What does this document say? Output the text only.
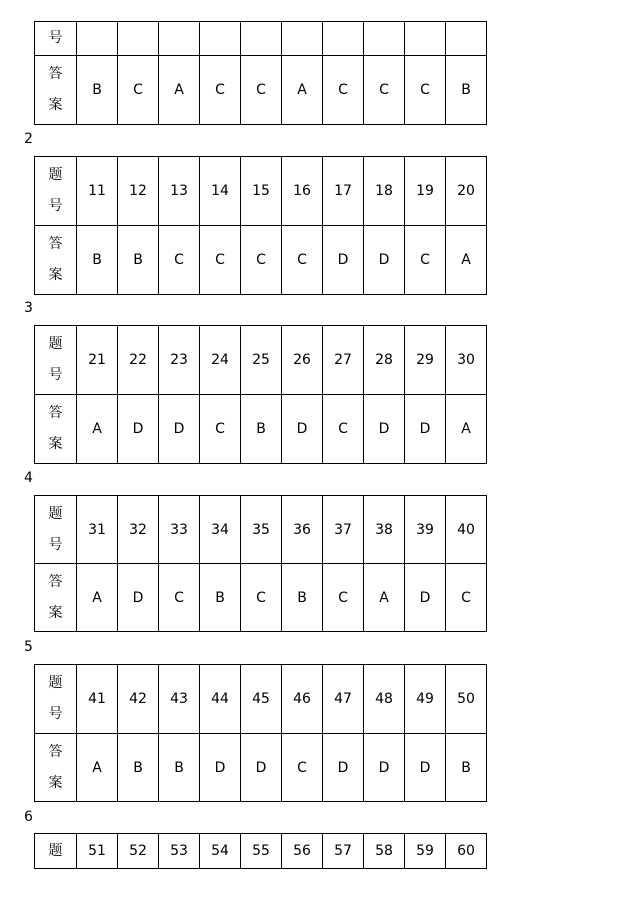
号										

答
案	B	C	A	C	C	A	C	C	C	B
2
题
号	11	12	13	14	15	16	17	18	19	20

答
案	B	B	C	C	C	C	D	D	C	A
3
题
号	21	22	23	24	25	26	27	28	29	30

答
案	A	D	D	C	B	D	C	D	D	A
4
题
号	31	32	33	34	35	36	37	38	39	40

答
案	A	D	C	B	C	B	C	A	D	C
5
题
号	41	42	43	44	45	46	47	48	49	50

答
案	A	B	B	D	D	C	D	D	D	B
6
题	51	52	53	54	55	56	57	58	59	60
